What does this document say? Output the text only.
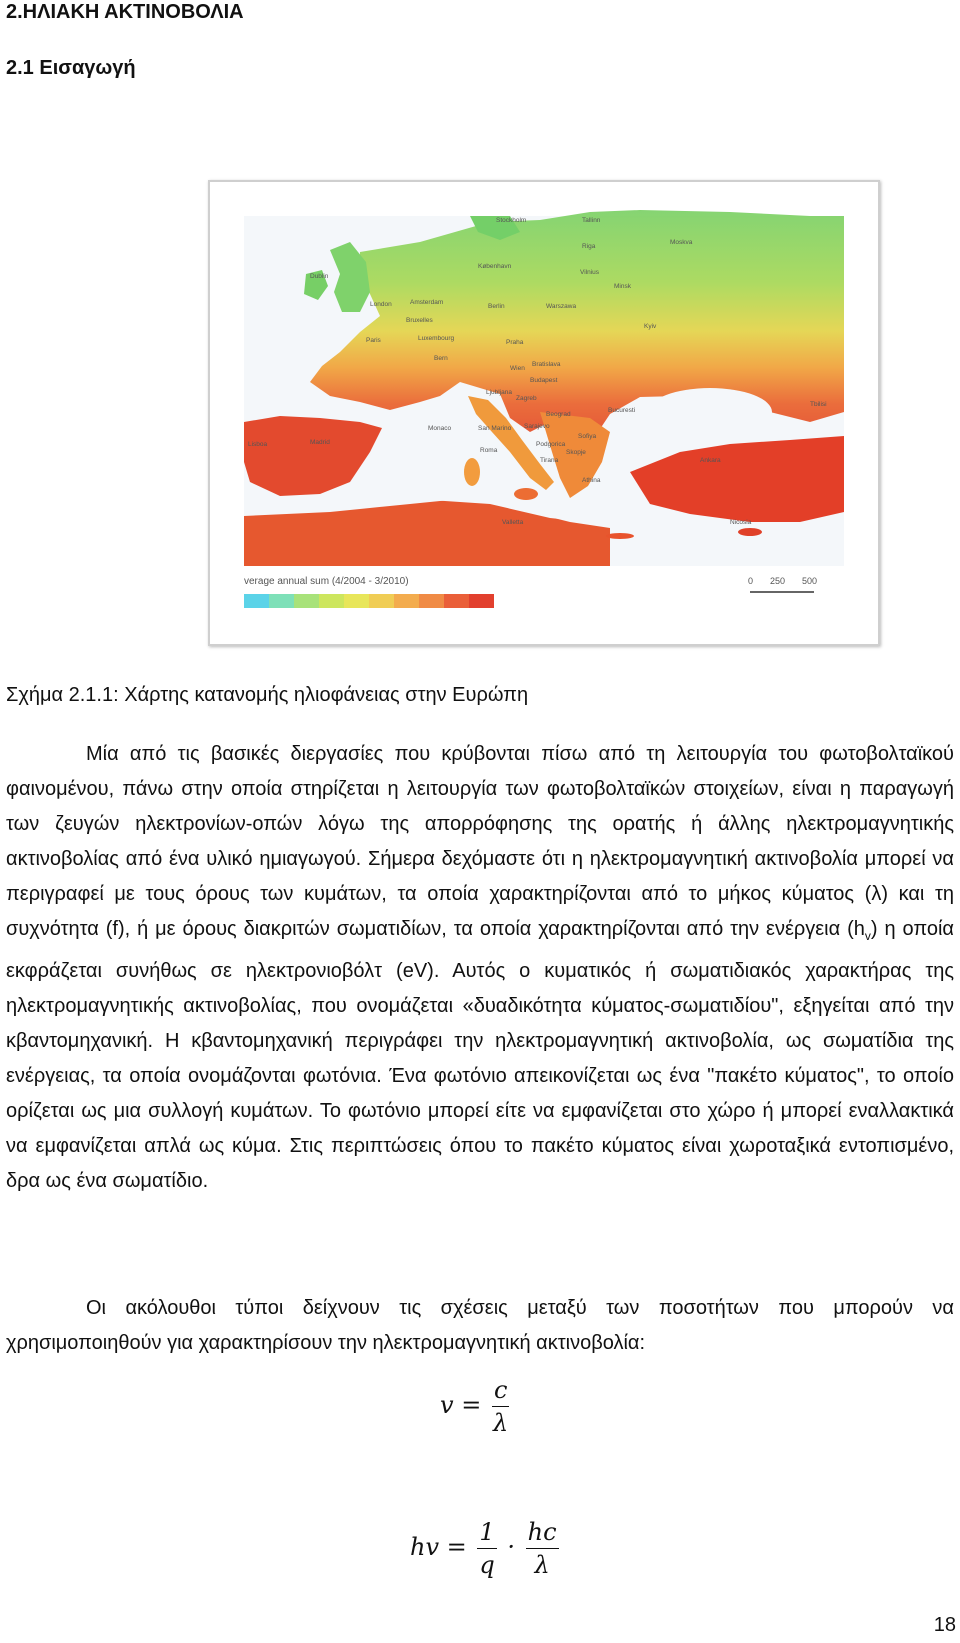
2.ΗΛΙΑΚΗ ΑΚΤΙΝΟΒΟΛΙΑ
2.1 Εισαγωγή
Stockholm	Tallinn
Riga
Moskva
Dublin
København
Vilnius
Minsk
London	Amsterdam
Berlin	Warszawa
Bruxelles
Kyiv
Paris	Luxembourg
Praha
Bern
Wien
Bratislava
Budapest
Ljubljana
Zagreb
Bucuresti
Beograd
Tbilisi
Monaco	Sarajevo
San Marino
Sofiya
Madrid
Lisboa
Roma
Podgorica
Tirana
Skopje
Ankara
Athina
Valletta	Nicosia
verage annual sum (4/2004 - 3/2010)	0 250 500
Σχήμα 2.1.1: Χάρτης κατανομής ηλιοφάνειας στην Ευρώπη
Μία από τις βασικές διεργασίες που κρύβονται πίσω από τη λειτουργία του φωτοβολταϊκού φαινομένου, πάνω στην οποία στηρίζεται η λειτουργία των φωτοβολταϊκών στοιχείων, είναι η παραγωγή των ζευγών ηλεκτρονίων-οπών λόγω της απορρόφησης της ορατής ή άλλης ηλεκτρομαγνητικής ακτινοβολίας από ένα υλικό ημιαγωγού. Σήμερα δεχόμαστε ότι η ηλεκτρομαγνητική ακτινοβολία μπορεί να περιγραφεί με τους όρους των κυμάτων, τα οποία χαρακτηρίζονται από το μήκος κύματος (λ) και τη συχνότητα (f), ή με όρους διακριτών σωματιδίων, τα οποία χαρακτηρίζονται από την ενέργεια $(h_v)$ η οποία εκφράζεται συνήθως σε ηλεκτρονιοβόλτ (eV). Αυτός ο κυματικός ή σωματιδιακός χαρακτήρας της ηλεκτρομαγνητικής ακτινοβολίας, που ονομάζεται «δυαδικότητα κύματος-σωματιδίου", εξηγείται από την κβαντομηχανική. Η κβαντομηχανική περιγράφει την ηλεκτρομαγνητική ακτινοβολία, ως σωματίδια της ενέργειας, τα οποία ονομάζονται φωτόνια. Ένα φωτόνιο απεικονίζεται ως ένα "πακέτο κύματος", το οποίο ορίζεται ως μια συλλογή κυμάτων. Το φωτόνιο μπορεί είτε να εμφανίζεται στο χώρο ή μπορεί εναλλακτικά να εμφανίζεται απλά ως κύμα. Στις περιπτώσεις όπου το πακέτο κύματος είναι χωροταξικά εντοπισμένο, δρα ως ένα σωματίδιο.
Οι ακόλουθοι τύποι δείχνουν τις σχέσεις μεταξύ των ποσοτήτων που μπορούν να χρησιμοποιηθούν για χαρακτηρίσουν την ηλεκτρομαγνητική ακτινοβολία:
$v = \frac{c}{\lambda}$
hv = $\frac{1}{q} \cdot \frac{hc}{\lambda}$
18
